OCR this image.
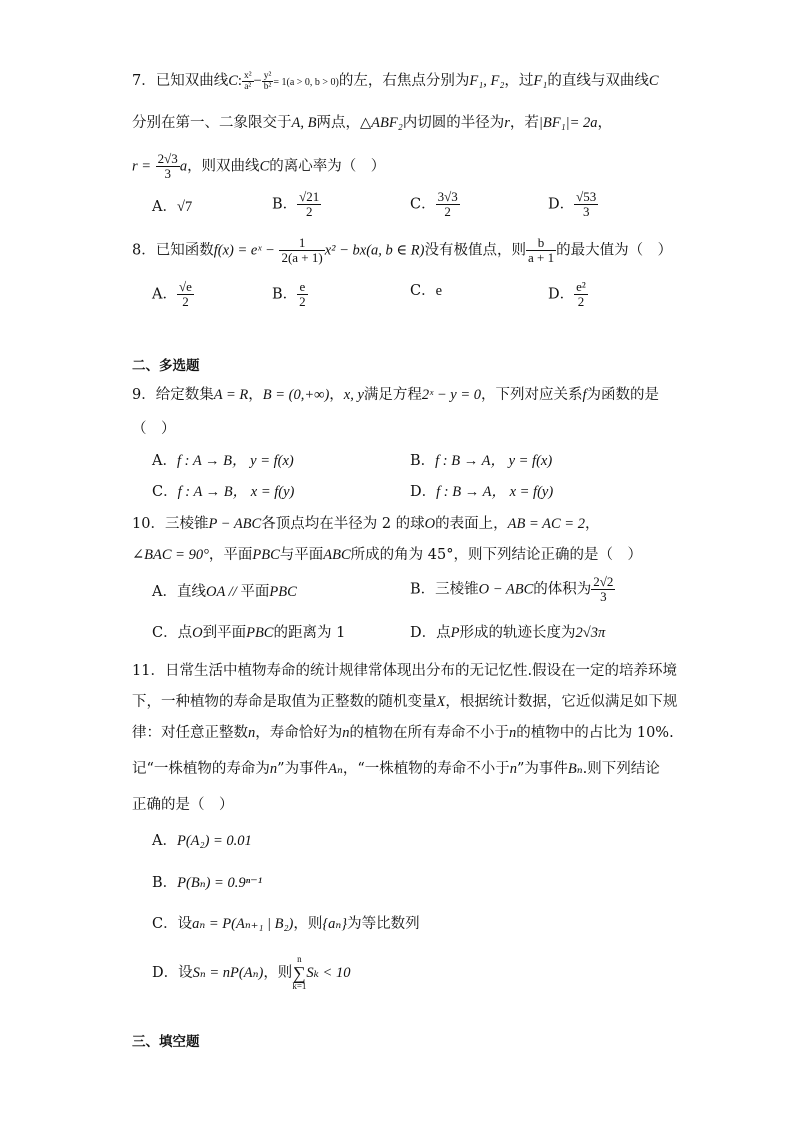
7．已知双曲线C: $\frac{\text{x²}}{\text{a²}} - \frac{\text{y²}}{\text{b²}} = 1(a > 0$, b > 0)的左，右焦点分别为F₁, F₂，过F₁的直线与双曲线C
分别在第一、二象限交于A, B两点，△ABF₂内切圆的半径为r，若|BF₁|= 2a，
$r = \frac{2√3}{3}$ a，则双曲线C的离心率为（　）
A．√7	B． $\frac{√21}{2}$	C． $\frac{3√3}{2}$	D． $\frac{√53}{3}$
8．已知函数f(x) = eˣ − $\frac{1}{2(a + 1)} x^2 - bx(a$, b ∈ R)没有极值点，则 $\frac{b}{a + 1}$ 的最大值为（　）
A． $\frac{√e}{2}$	B． $\frac{e}{2}$	C．e	D． $\frac{\text{e²}}{2}$
二、多选题
9．给定数集A = R，B = (0,+∞)，x, y满足方程2ˣ − y = 0，下列对应关系f为函数的是
（　）
A．f : A → B， y = f(x)	B．f : B → A， y = f(x)
C．f : A → B， x = f(y)	D．f : B → A， x = f(y)
10．三棱锥P − ABC各顶点均在半径为 2 的球O的表面上，AB = AC = 2，
∠BAC = 90°，平面PBC与平面ABC所成的角为 45°，则下列结论正确的是（　）
A．直线OA // 平面PBC	B．三棱锥O − ABC的体积为 $\frac{2√2}{3}$
C．点O到平面PBC的距离为 1	D．点P形成的轨迹长度为2√3π
11．日常生活中植物寿命的统计规律常体现出分布的无记忆性.假设在一定的培养环境
下，一种植物的寿命是取值为正整数的随机变量X，根据统计数据，它近似满足如下规
律：对任意正整数n，寿命恰好为n的植物在所有寿命不小于n的植物中的占比为 10%.
记“一株植物的寿命为n”为事件Aₙ，“一株植物的寿命不小于n”为事件Bₙ.则下列结论
正确的是（　）
A．P(A₂) = 0.01
B．P(Bₙ) = 0.9ⁿ⁻¹
C．设aₙ = P(Aₙ₊₁ | B₂)，则{aₙ}为等比数列
D．设Sₙ = nP(Aₙ)，则n
∑
k=1Sₖ < 10
三、填空题
